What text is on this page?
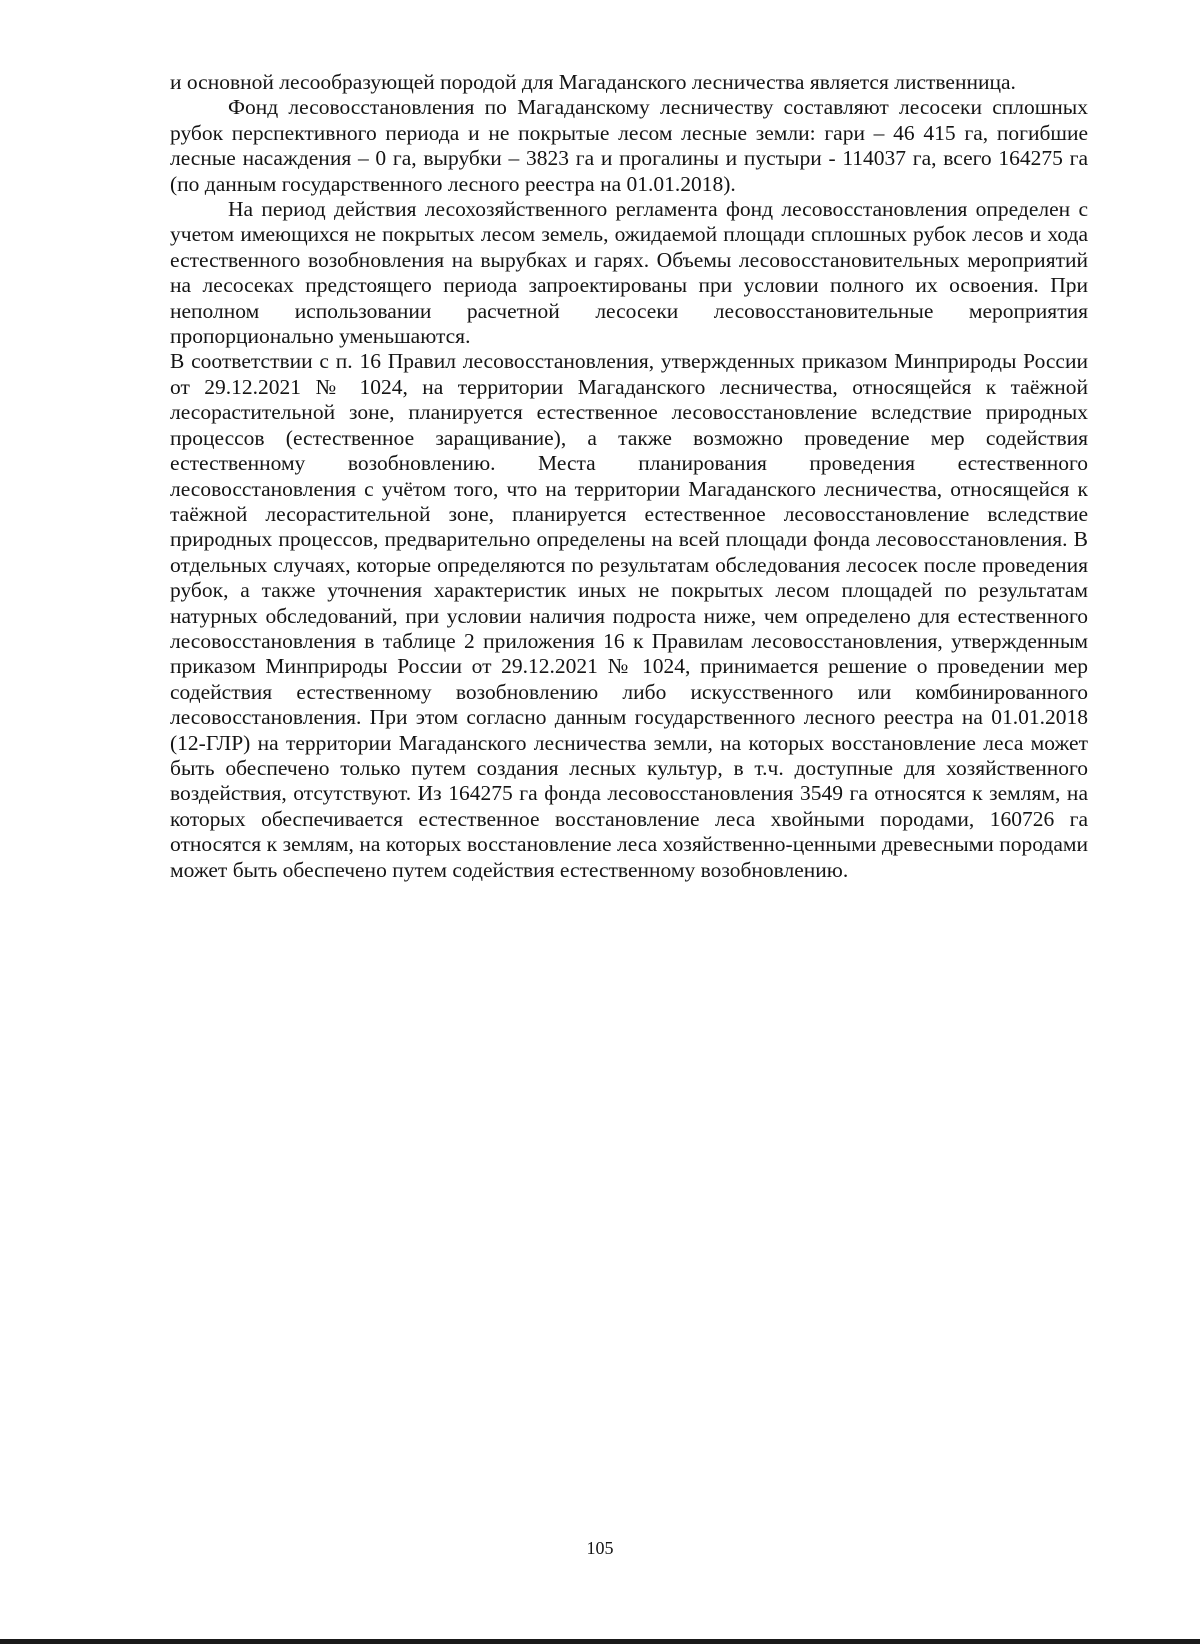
и основной лесообразующей породой для Магаданского лесничества является лиственница.

Фонд лесовосстановления по Магаданскому лесничеству составляют лесосеки сплошных рубок перспективного периода и не покрытые лесом лесные земли: гари – 46 415 га, погибшие лесные насаждения – 0 га, вырубки – 3823 га и прогалины и пустыри - 114037 га, всего 164275 га (по данным государственного лесного реестра на 01.01.2018).

На период действия лесохозяйственного регламента фонд лесовосстановления определен с учетом имеющихся не покрытых лесом земель, ожидаемой площади сплошных рубок лесов и хода естественного возобновления на вырубках и гарях. Объемы лесовосстановительных мероприятий на лесосеках предстоящего периода запроектированы при условии полного их освоения. При неполном использовании расчетной лесосеки лесовосстановительные мероприятия пропорционально уменьшаются.

В соответствии с п. 16 Правил лесовосстановления, утвержденных приказом Минприроды России от 29.12.2021 № 1024, на территории Магаданского лесничества, относящейся к таёжной лесорастительной зоне, планируется естественное лесовосстановление вследствие природных процессов (естественное заращивание), а также возможно проведение мер содействия естественному возобновлению. Места планирования проведения естественного лесовосстановления с учётом того, что на территории Магаданского лесничества, относящейся к таёжной лесорастительной зоне, планируется естественное лесовосстановление вследствие природных процессов, предварительно определены на всей площади фонда лесовосстановления. В отдельных случаях, которые определяются по результатам обследования лесосек после проведения рубок, а также уточнения характеристик иных не покрытых лесом площадей по результатам натурных обследований, при условии наличия подроста ниже, чем определено для естественного лесовосстановления в таблице 2 приложения 16 к Правилам лесовосстановления, утвержденным приказом Минприроды России от 29.12.2021 № 1024, принимается решение о проведении мер содействия естественному возобновлению либо искусственного или комбинированного лесовосстановления. При этом согласно данным государственного лесного реестра на 01.01.2018 (12-ГЛР) на территории Магаданского лесничества земли, на которых восстановление леса может быть обеспечено только путем создания лесных культур, в т.ч. доступные для хозяйственного воздействия, отсутствуют. Из 164275 га фонда лесовосстановления 3549 га относятся к землям, на которых обеспечивается естественное восстановление леса хвойными породами, 160726 га относятся к землям, на которых восстановление леса хозяйственно-ценными древесными породами может быть обеспечено путем содействия естественному возобновлению.

105
